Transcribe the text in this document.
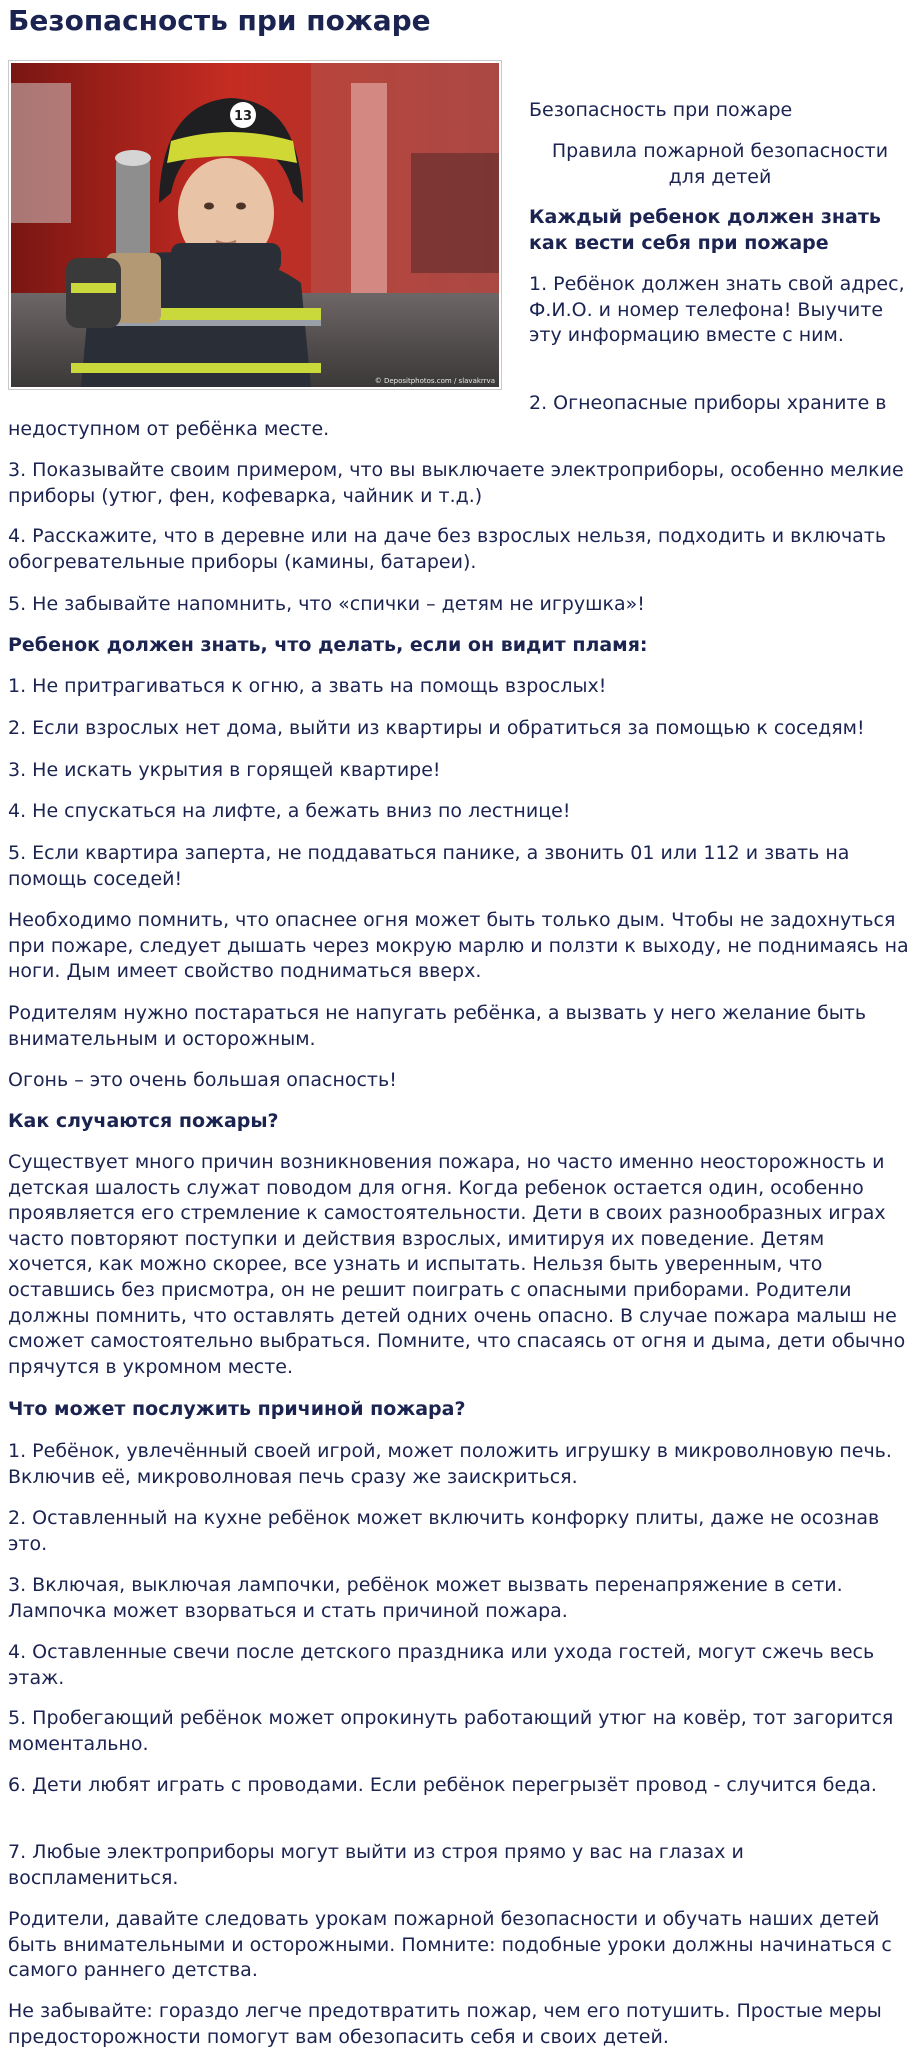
Безопасность при пожаре
13
© Depositphotos.com / slavakrrva

Безопасность при пожаре

Правила пожарной безопасности для детей

Каждый ребенок должен знать как вести себя при пожаре

1. Ребёнок должен знать свой адрес, Ф.И.О. и номер телефона! Выучите эту информацию вместе с ним.

2. Огнеопасные приборы храните в

недоступном от ребёнка месте.

3. Показывайте своим примером, что вы выключаете электроприборы, особенно мелкие приборы (утюг, фен, кофеварка, чайник и т.д.)

4. Расскажите, что в деревне или на даче без взрослых нельзя, подходить и включать обогревательные приборы (камины, батареи).

5. Не забывайте напомнить, что «спички – детям не игрушка»!

Ребенок должен знать, что делать, если он видит пламя:

1. Не притрагиваться к огню, а звать на помощь взрослых!

2. Если взрослых нет дома, выйти из квартиры и обратиться за помощью к соседям!

3. Не искать укрытия в горящей квартире!

4. Не спускаться на лифте, а бежать вниз по лестнице!

5. Если квартира заперта, не поддаваться панике, а звонить 01 или 112 и звать на помощь соседей!

Необходимо помнить, что опаснее огня может быть только дым. Чтобы не задохнуться при пожаре, следует дышать через мокрую марлю и ползти к выходу, не поднимаясь на ноги. Дым имеет свойство подниматься вверх.

Родителям нужно постараться не напугать ребёнка, а вызвать у него желание быть внимательным и осторожным.

Огонь – это очень большая опасность!

Как случаются пожары?

Существует много причин возникновения пожара, но часто именно неосторожность и детская шалость служат поводом для огня. Когда ребенок остается один, особенно проявляется его стремление к самостоятельности. Дети в своих разнообразных играх часто повторяют поступки и действия взрослых, имитируя их поведение. Детям хочется, как можно скорее, все узнать и испытать. Нельзя быть уверенным, что оставшись без присмотра, он не решит поиграть с опасными приборами. Родители должны помнить, что оставлять детей одних очень опасно. В случае пожара малыш не сможет самостоятельно выбраться. Помните, что спасаясь от огня и дыма, дети обычно прячутся в укромном месте.

Что может послужить причиной пожара?

1. Ребёнок, увлечённый своей игрой, может положить игрушку в микроволновую печь. Включив её, микроволновая печь сразу же заискриться.

2. Оставленный на кухне ребёнок может включить конфорку плиты, даже не осознав это.

3. Включая, выключая лампочки, ребёнок может вызвать перенапряжение в сети. Лампочка может взорваться и стать причиной пожара.

4. Оставленные свечи после детского праздника или ухода гостей, могут сжечь весь этаж.

5. Пробегающий ребёнок может опрокинуть работающий утюг на ковёр, тот загорится моментально.

6. Дети любят играть с проводами. Если ребёнок перегрызёт провод - случится беда.

7. Любые электроприборы могут выйти из строя прямо у вас на глазах и воспламениться.

Родители, давайте следовать урокам пожарной безопасности и обучать наших детей быть внимательными и осторожными. Помните: подобные уроки должны начинаться с самого раннего детства.

Не забывайте: гораздо легче предотвратить пожар, чем его потушить. Простые меры предосторожности помогут вам обезопасить себя и своих детей.
